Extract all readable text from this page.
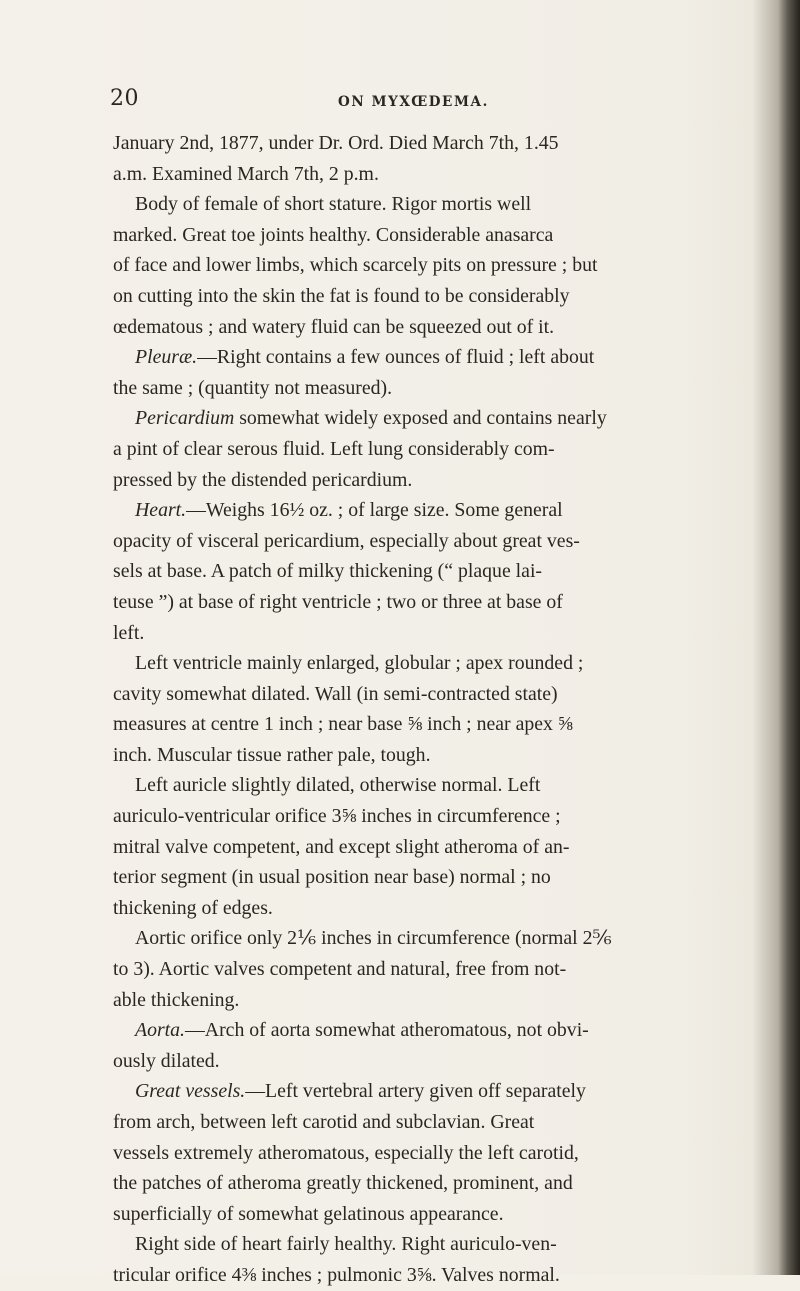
20	ON MYXŒDEMA.
January 2nd, 1877, under Dr. Ord. Died March 7th, 1.45
a.m. Examined March 7th, 2 p.m.
Body of female of short stature. Rigor mortis well
marked. Great toe joints healthy. Considerable anasarca
of face and lower limbs, which scarcely pits on pressure ; but
on cutting into the skin the fat is found to be considerably
œdematous ; and watery fluid can be squeezed out of it.
Pleuræ.—Right contains a few ounces of fluid ; left about
the same ; (quantity not measured).
Pericardium somewhat widely exposed and contains nearly
a pint of clear serous fluid. Left lung considerably com-
pressed by the distended pericardium.
Heart.—Weighs 16½ oz. ; of large size. Some general
opacity of visceral pericardium, especially about great ves-
sels at base. A patch of milky thickening (“ plaque lai-
teuse ”) at base of right ventricle ; two or three at base of
left.
Left ventricle mainly enlarged, globular ; apex rounded ;
cavity somewhat dilated. Wall (in semi-contracted state)
measures at centre 1 inch ; near base ⅝ inch ; near apex ⅝
inch. Muscular tissue rather pale, tough.
Left auricle slightly dilated, otherwise normal. Left
auriculo-ventricular orifice 3⅝ inches in circumference ;
mitral valve competent, and except slight atheroma of an-
terior segment (in usual position near base) normal ; no
thickening of edges.
Aortic orifice only 2⅙ inches in circumference (normal 2⅚
to 3). Aortic valves competent and natural, free from not-
able thickening.
Aorta.—Arch of aorta somewhat atheromatous, not obvi-
ously dilated.
Great vessels.—Left vertebral artery given off separately
from arch, between left carotid and subclavian. Great
vessels extremely atheromatous, especially the left carotid,
the patches of atheroma greatly thickened, prominent, and
superficially of somewhat gelatinous appearance.
Right side of heart fairly healthy. Right auriculo-ven-
tricular orifice 4⅜ inches ; pulmonic 3⅝. Valves normal.
